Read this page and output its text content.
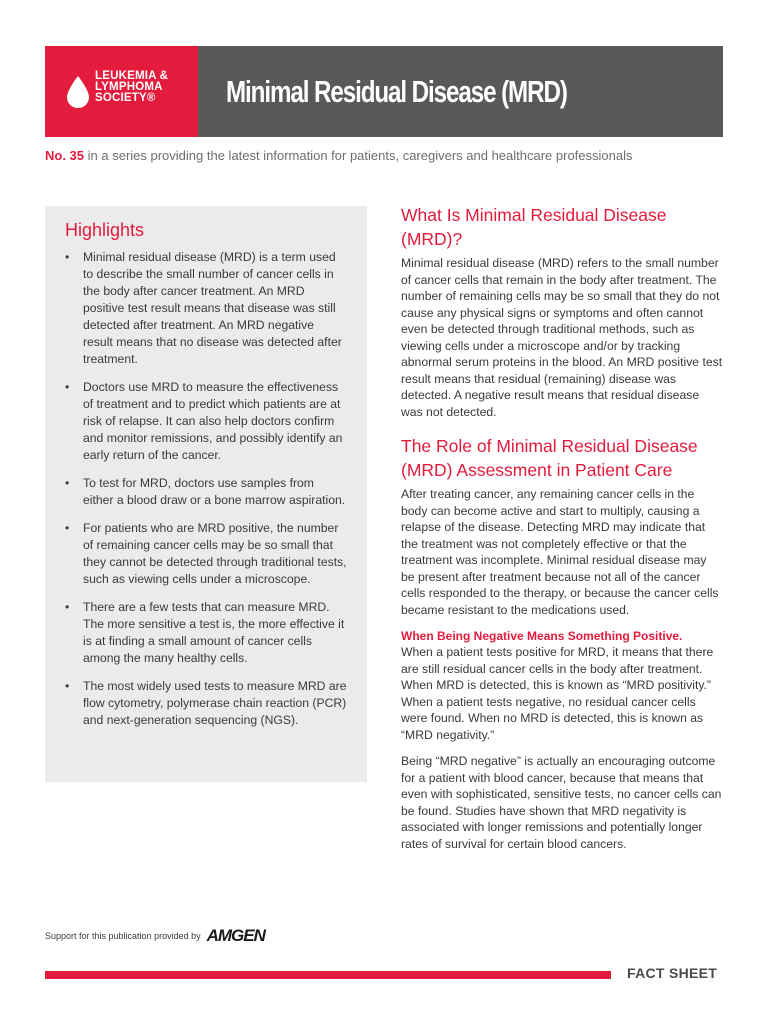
LEUKEMIA &
LYMPHOMA
SOCIETY®	Minimal Residual Disease (MRD)
No. 35 in a series providing the latest information for patients, caregivers and healthcare professionals
Highlights
• Minimal residual disease (MRD) is a term used to describe the small number of cancer cells in the body after cancer treatment. An MRD positive test result means that disease was still detected after treatment. An MRD negative result means that no disease was detected after treatment.
• Doctors use MRD to measure the effectiveness of treatment and to predict which patients are at risk of relapse. It can also help doctors confirm and monitor remissions, and possibly identify an early return of the cancer.
• To test for MRD, doctors use samples from either a blood draw or a bone marrow aspiration.
• For patients who are MRD positive, the number of remaining cancer cells may be so small that they cannot be detected through traditional tests, such as viewing cells under a microscope.
• There are a few tests that can measure MRD. The more sensitive a test is, the more effective it is at finding a small amount of cancer cells among the many healthy cells.
• The most widely used tests to measure MRD are flow cytometry, polymerase chain reaction (PCR) and next-generation sequencing (NGS).
What Is Minimal Residual Disease (MRD)?

Minimal residual disease (MRD) refers to the small number of cancer cells that remain in the body after treatment. The number of remaining cells may be so small that they do not cause any physical signs or symptoms and often cannot even be detected through traditional methods, such as viewing cells under a microscope and/or by tracking abnormal serum proteins in the blood. An MRD positive test result means that residual (remaining) disease was detected. A negative result means that residual disease was not detected.

The Role of Minimal Residual Disease (MRD) Assessment in Patient Care

After treating cancer, any remaining cancer cells in the body can become active and start to multiply, causing a relapse of the disease. Detecting MRD may indicate that the treatment was not completely effective or that the treatment was incomplete. Minimal residual disease may be present after treatment because not all of the cancer cells responded to the therapy, or because the cancer cells became resistant to the medications used.

When Being Negative Means Something Positive.

When a patient tests positive for MRD, it means that there are still residual cancer cells in the body after treatment. When MRD is detected, this is known as “MRD positivity.” When a patient tests negative, no residual cancer cells were found. When no MRD is detected, this is known as “MRD negativity.”

Being “MRD negative” is actually an encouraging outcome for a patient with blood cancer, because that means that even with sophisticated, sensitive tests, no cancer cells can be found. Studies have shown that MRD negativity is associated with longer remissions and potentially longer rates of survival for certain blood cancers.

Support for this publication provided by AMGEN
FACT SHEET
